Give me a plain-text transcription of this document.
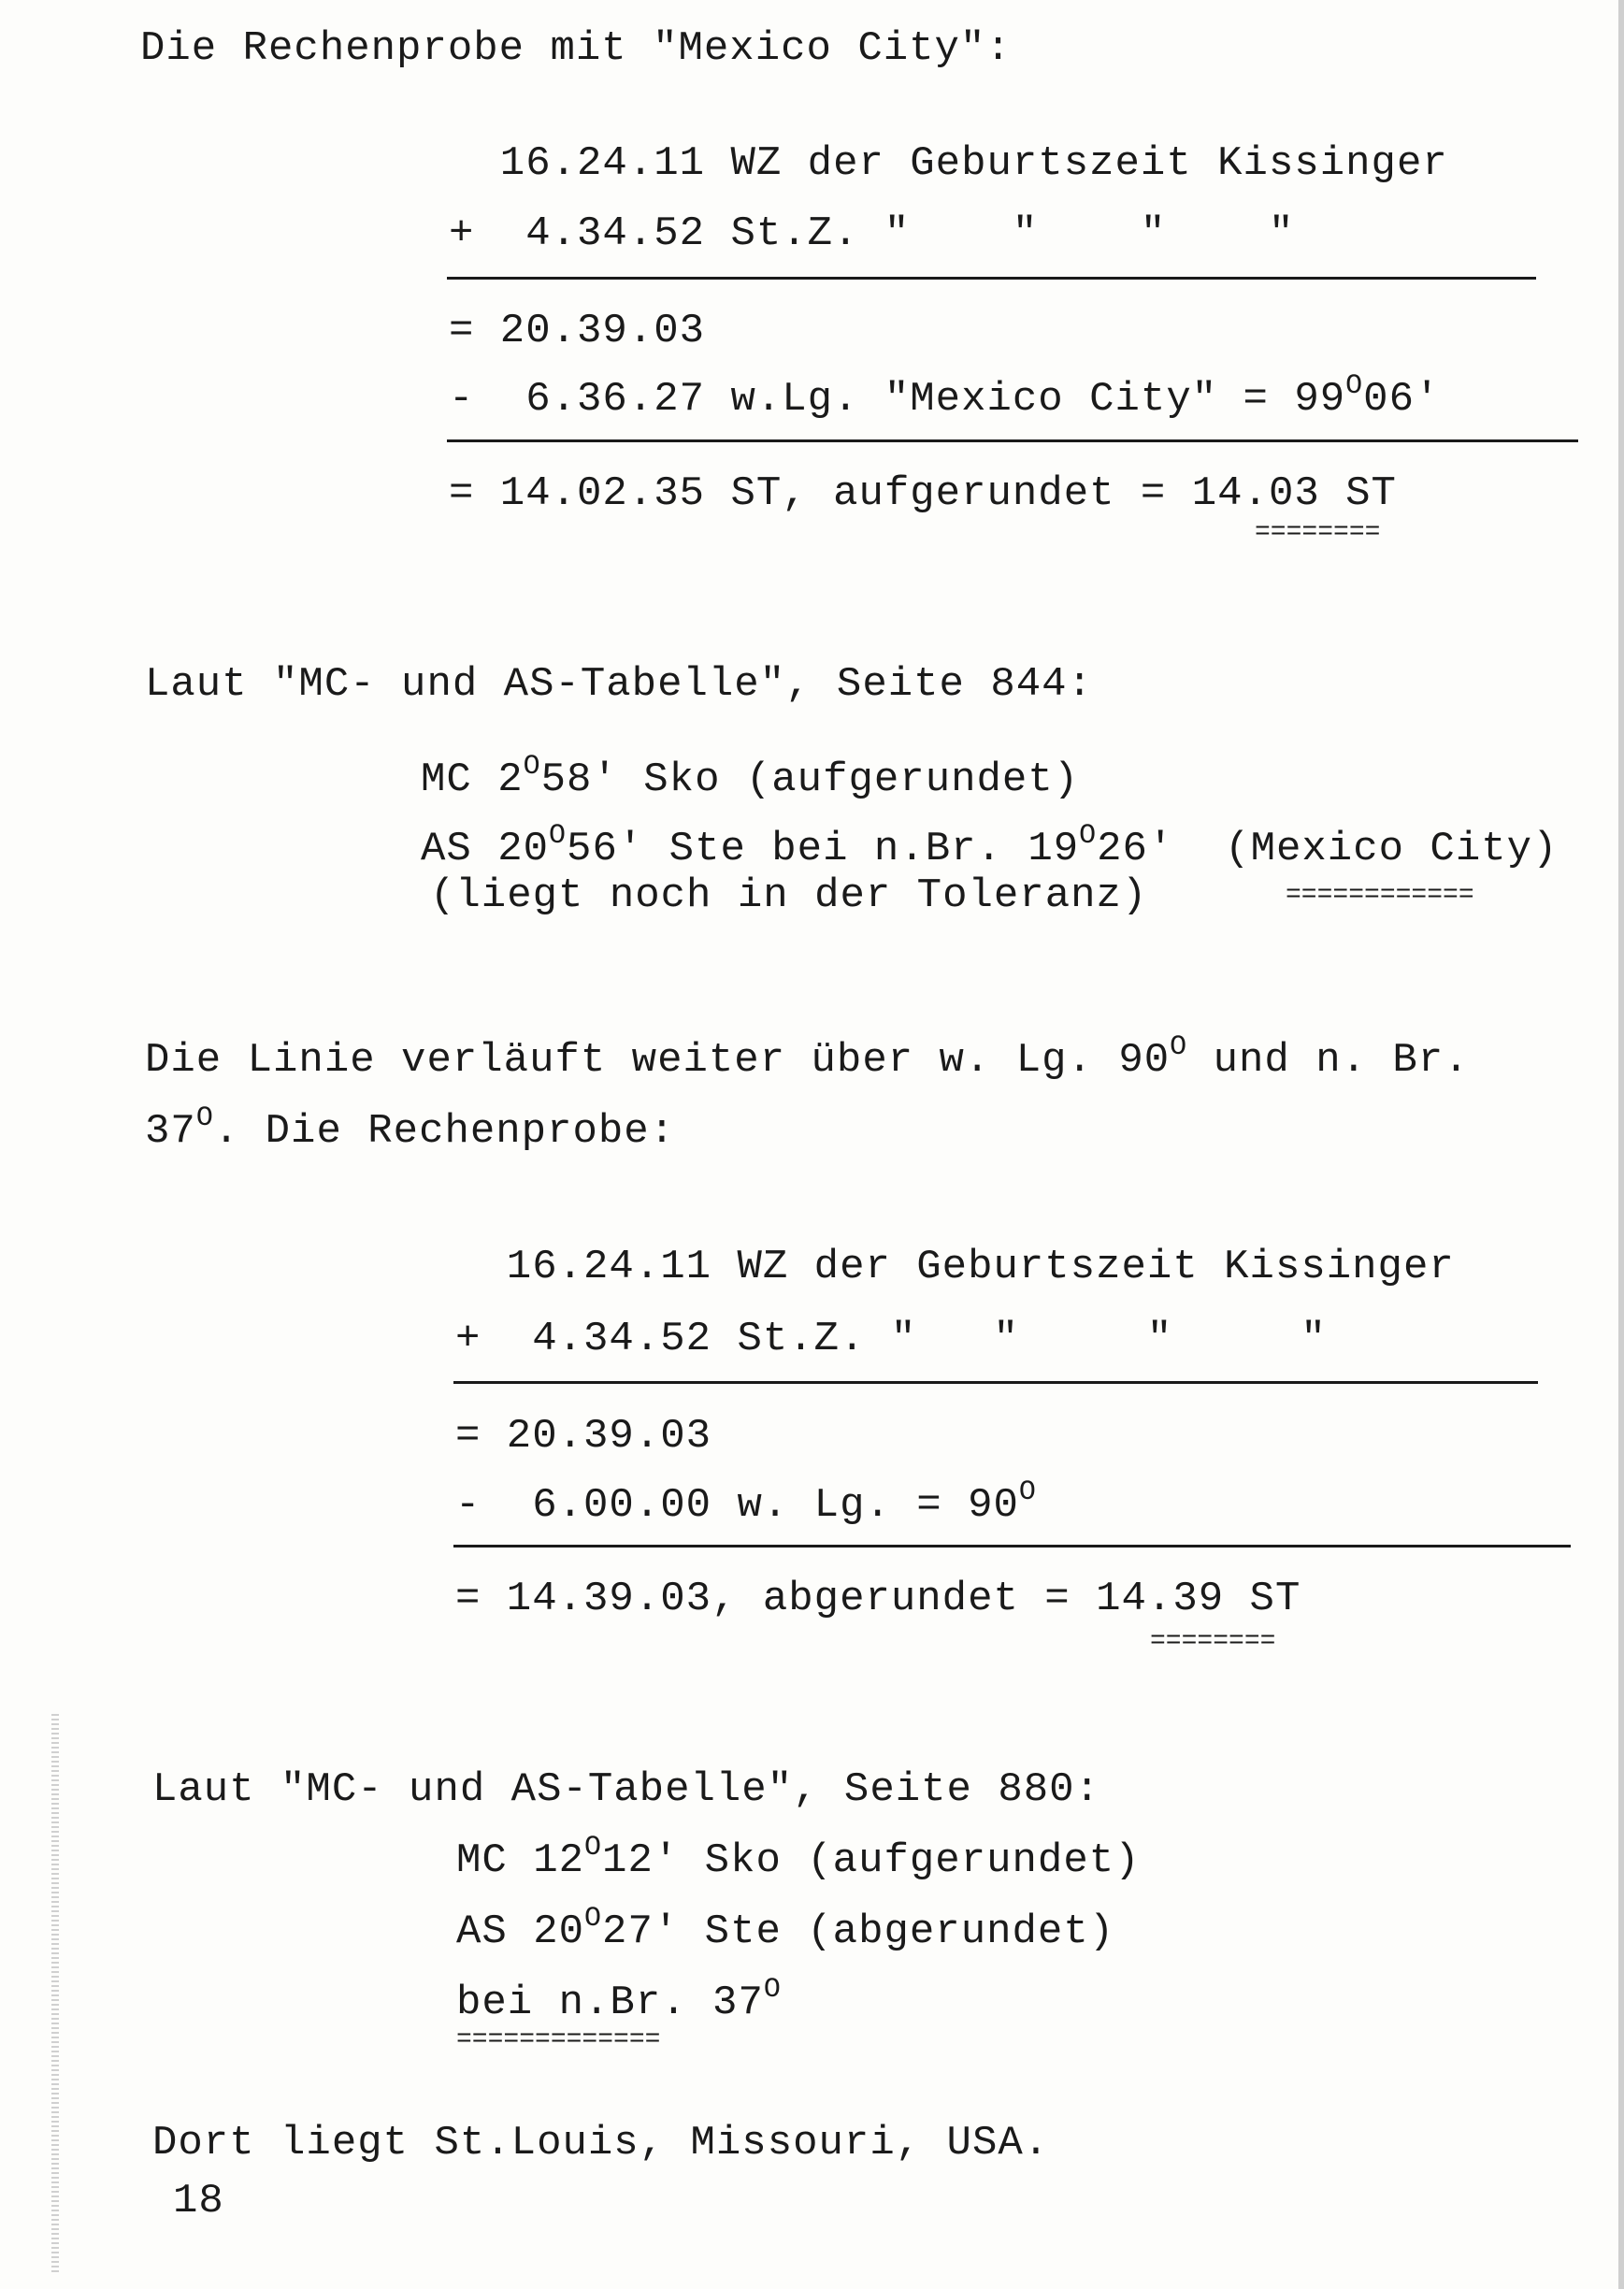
Die Rechenprobe mit "Mexico City":
16.24.11 WZ der Geburtszeit Kissinger
+  4.34.52 St.Z. "    "    "    "
= 20.39.03
-  6.36.27 w.Lg. "Mexico City" = $99^O06'$
= 14.02.35 ST, aufgerundet = 14.03 ST
========
Laut "MC- und AS-Tabelle", Seite 844:
MC $2^O58'$ Sko (aufgerundet)
AS $20^O56'$ Ste bei n.Br. $19^O26'$  (Mexico City)
(liegt noch in der Toleranz)	============
Die Linie verläuft weiter über w. Lg. $90^O$ und n. Br.
$37^O$. Die Rechenprobe:
16.24.11 WZ der Geburtszeit Kissinger
+  4.34.52 St.Z. "   "     "     "
= 20.39.03
-  6.00.00 w. Lg. = $90^O$
= 14.39.03, abgerundet = 14.39 ST
========
Laut "MC- und AS-Tabelle", Seite 880:
MC $12^O12'$ Sko (aufgerundet)
AS $20^O27'$ Ste (abgerundet)
bei n.Br. $37^O$
=============
Dort liegt St.Louis, Missouri, USA.
18
